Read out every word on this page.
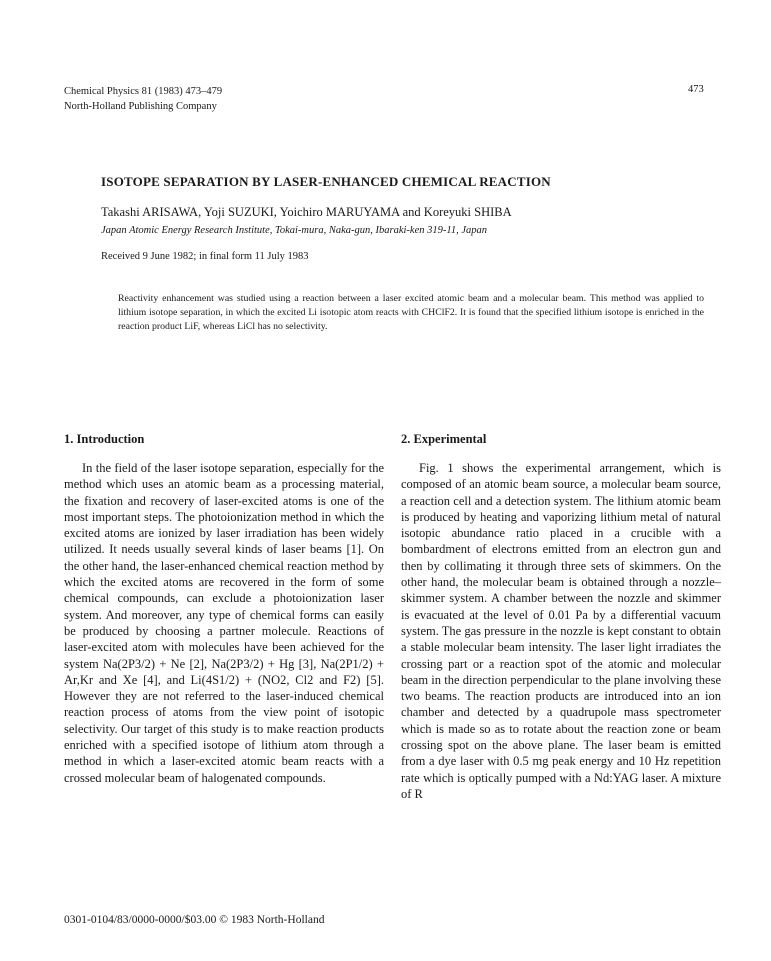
Chemical Physics 81 (1983) 473–479
North-Holland Publishing Company
473
ISOTOPE SEPARATION BY LASER-ENHANCED CHEMICAL REACTION
Takashi ARISAWA, Yoji SUZUKI, Yoichiro MARUYAMA and Koreyuki SHIBA
Japan Atomic Energy Research Institute, Tokai-mura, Naka-gun, Ibaraki-ken 319-11, Japan
Received 9 June 1982; in final form 11 July 1983
Reactivity enhancement was studied using a reaction between a laser excited atomic beam and a molecular beam. This method was applied to lithium isotope separation, in which the excited Li isotopic atom reacts with CHClF2. It is found that the specified lithium isotope is enriched in the reaction product LiF, whereas LiCl has no selectivity.
1. Introduction

In the field of the laser isotope separation, especially for the method which uses an atomic beam as a processing material, the fixation and recovery of laser-excited atoms is one of the most important steps. The photoionization method in which the excited atoms are ionized by laser irradiation has been widely utilized. It needs usually several kinds of laser beams [1]. On the other hand, the laser-enhanced chemical reaction method by which the excited atoms are recovered in the form of some chemical compounds, can exclude a photoionization laser system. And moreover, any type of chemical forms can easily be produced by choosing a partner molecule. Reactions of laser-excited atom with molecules have been achieved for the system Na(2P3/2) + Ne [2], Na(2P3/2) + Hg [3], Na(2P1/2) + Ar,Kr and Xe [4], and Li(4S1/2) + (NO2, Cl2 and F2) [5]. However they are not referred to the laser-induced chemical reaction process of atoms from the view point of isotopic selectivity. Our target of this study is to make reaction products enriched with a specified isotope of lithium atom through a method in which a laser-excited atomic beam reacts with a crossed molecular beam of halogenated compounds.

2. Experimental

Fig. 1 shows the experimental arrangement, which is composed of an atomic beam source, a molecular beam source, a reaction cell and a detection system. The lithium atomic beam is produced by heating and vaporizing lithium metal of natural isotopic abundance ratio placed in a crucible with a bombardment of electrons emitted from an electron gun and then by collimating it through three sets of skimmers. On the other hand, the molecular beam is obtained through a nozzle–skimmer system. A chamber between the nozzle and skimmer is evacuated at the level of 0.01 Pa by a differential vacuum system. The gas pressure in the nozzle is kept constant to obtain a stable molecular beam intensity. The laser light irradiates the crossing part or a reaction spot of the atomic and molecular beam in the direction perpendicular to the plane involving these two beams. The reaction products are introduced into an ion chamber and detected by a quadrupole mass spectrometer which is made so as to rotate about the reaction zone or beam crossing spot on the above plane. The laser beam is emitted from a dye laser with 0.5 mg peak energy and 10 Hz repetition rate which is optically pumped with a Nd:YAG laser. A mixture of R

0301-0104/83/0000-0000/$03.00 © 1983 North-Holland
